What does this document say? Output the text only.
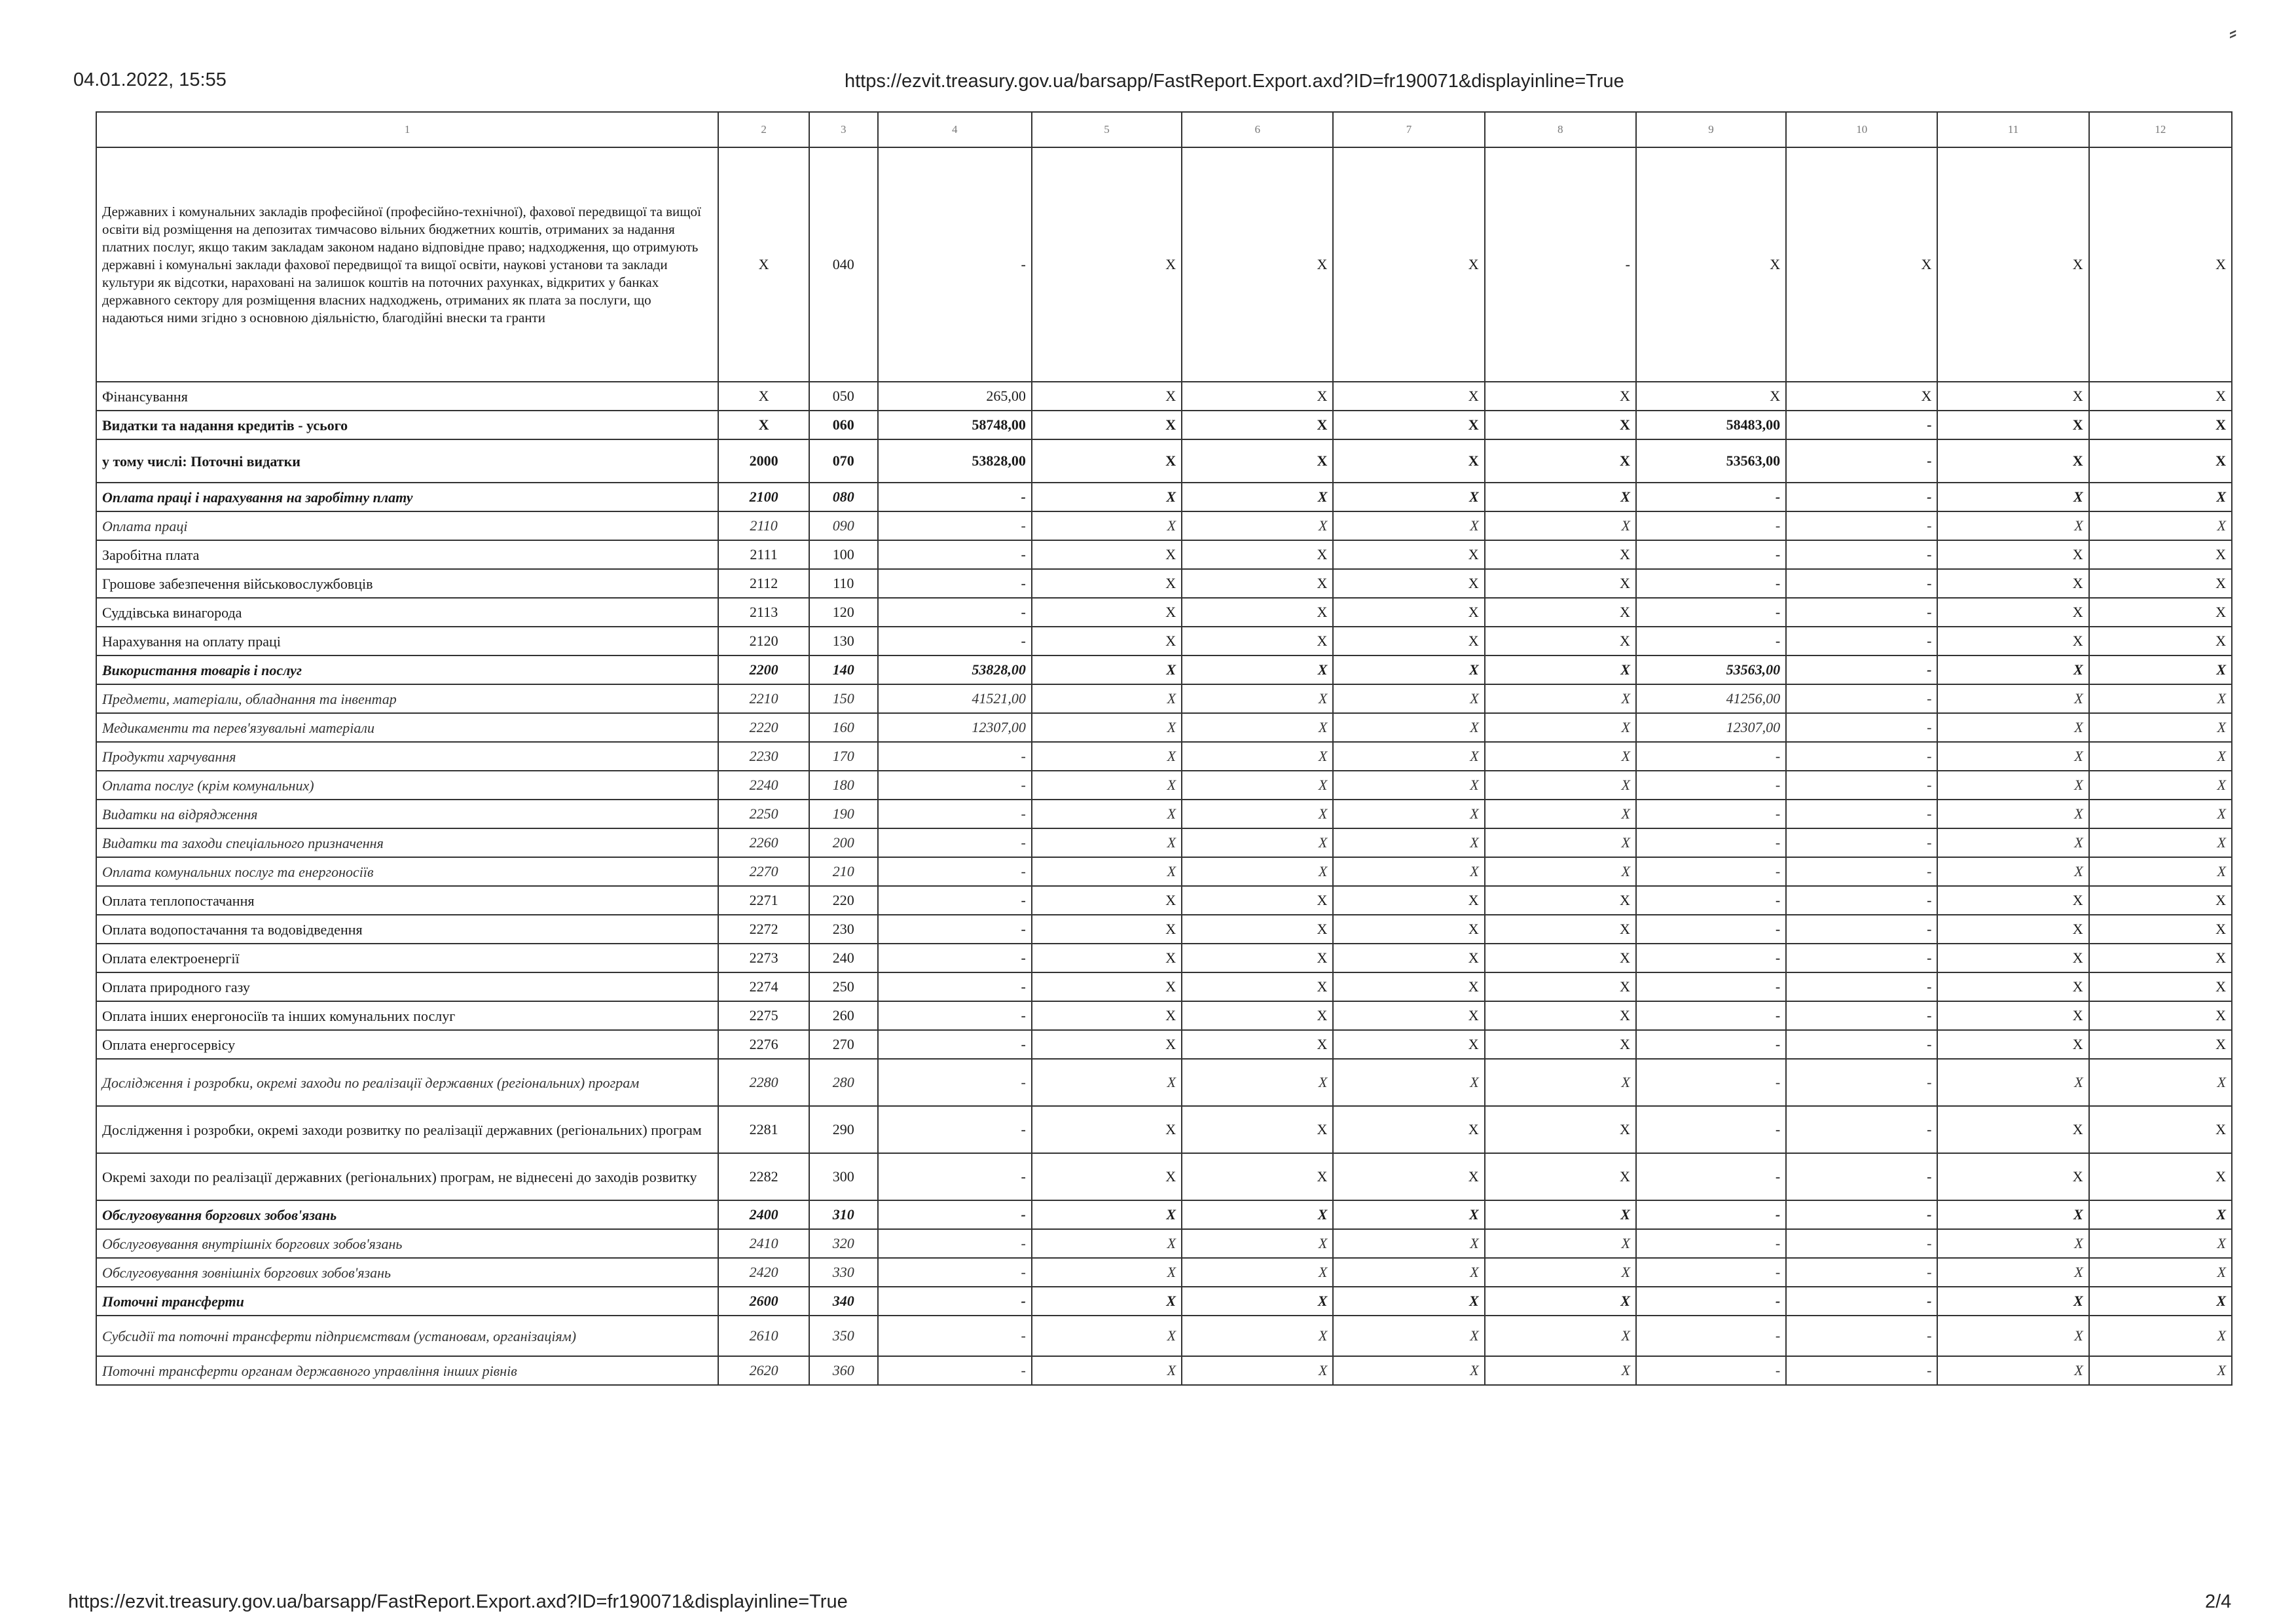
04.01.2022, 15:55	https://ezvit.treasury.gov.ua/barsapp/FastReport.Export.axd?ID=fr190071&displayinline=True
⸗
1	2	3	4	5	6	7	8	9	10	11	12
Державних і комунальних закладів професійної (професійно-технічної), фахової передвищої та вищої освіти від розміщення на депозитах тимчасово вільних бюджетних коштів, отриманих за надання платних послуг, якщо таким закладам законом надано відповідне право; надходження, що отримують державні і комунальні заклади фахової передвищої та вищої освіти, наукові установи та заклади культури як відсотки, нараховані на залишок коштів на поточних рахунках, відкритих у банках державного сектору для розміщення власних надходжень, отриманих як плата за послуги, що надаються ними згідно з основною діяльністю, благодійні внески та гранти	X	040	-	X	X	X	-	X	X	X	X
Фінансування	X	050	265,00	X	X	X	X	X	X	X	X
Видатки та надання кредитів - усього	X	060	58748,00	X	X	X	X	58483,00	-	X	X
у тому числі: Поточні видатки	2000	070	53828,00	X	X	X	X	53563,00	-	X	X
Оплата праці і нарахування на заробітну плату	2100	080	-	X	X	X	X	-	-	X	X
Оплата праці	2110	090	-	X	X	X	X	-	-	X	X
Заробітна плата	2111	100	-	X	X	X	X	-	-	X	X
Грошове забезпечення військовослужбовців	2112	110	-	X	X	X	X	-	-	X	X
Суддівська винагорода	2113	120	-	X	X	X	X	-	-	X	X
Нарахування на оплату праці	2120	130	-	X	X	X	X	-	-	X	X
Використання товарів і послуг	2200	140	53828,00	X	X	X	X	53563,00	-	X	X
Предмети, матеріали, обладнання та інвентар	2210	150	41521,00	X	X	X	X	41256,00	-	X	X
Медикаменти та перев'язувальні матеріали	2220	160	12307,00	X	X	X	X	12307,00	-	X	X
Продукти харчування	2230	170	-	X	X	X	X	-	-	X	X
Оплата послуг (крім комунальних)	2240	180	-	X	X	X	X	-	-	X	X
Видатки на відрядження	2250	190	-	X	X	X	X	-	-	X	X
Видатки та заходи спеціального призначення	2260	200	-	X	X	X	X	-	-	X	X
Оплата комунальних послуг та енергоносіїв	2270	210	-	X	X	X	X	-	-	X	X
Оплата теплопостачання	2271	220	-	X	X	X	X	-	-	X	X
Оплата водопостачання та водовідведення	2272	230	-	X	X	X	X	-	-	X	X
Оплата електроенергії	2273	240	-	X	X	X	X	-	-	X	X
Оплата природного газу	2274	250	-	X	X	X	X	-	-	X	X
Оплата інших енергоносіїв та інших комунальних послуг	2275	260	-	X	X	X	X	-	-	X	X
Оплата енергосервісу	2276	270	-	X	X	X	X	-	-	X	X
Дослідження і розробки, окремі заходи по реалізації державних (регіональних) програм	2280	280	-	X	X	X	X	-	-	X	X
Дослідження і розробки, окремі заходи розвитку по реалізації державних (регіональних) програм	2281	290	-	X	X	X	X	-	-	X	X
Окремі заходи по реалізації державних (регіональних) програм, не віднесені до заходів розвитку	2282	300	-	X	X	X	X	-	-	X	X
Обслуговування боргових зобов'язань	2400	310	-	X	X	X	X	-	-	X	X
Обслуговування внутрішніх боргових зобов'язань	2410	320	-	X	X	X	X	-	-	X	X
Обслуговування зовнішніх боргових зобов'язань	2420	330	-	X	X	X	X	-	-	X	X
Поточні трансферти	2600	340	-	X	X	X	X	-	-	X	X
Субсидії та поточні трансферти підприємствам (установам, організаціям)	2610	350	-	X	X	X	X	-	-	X	X
Поточні трансферти органам державного управління інших рівнів	2620	360	-	X	X	X	X	-	-	X	X
https://ezvit.treasury.gov.ua/barsapp/FastReport.Export.axd?ID=fr190071&displayinline=True	2/4
